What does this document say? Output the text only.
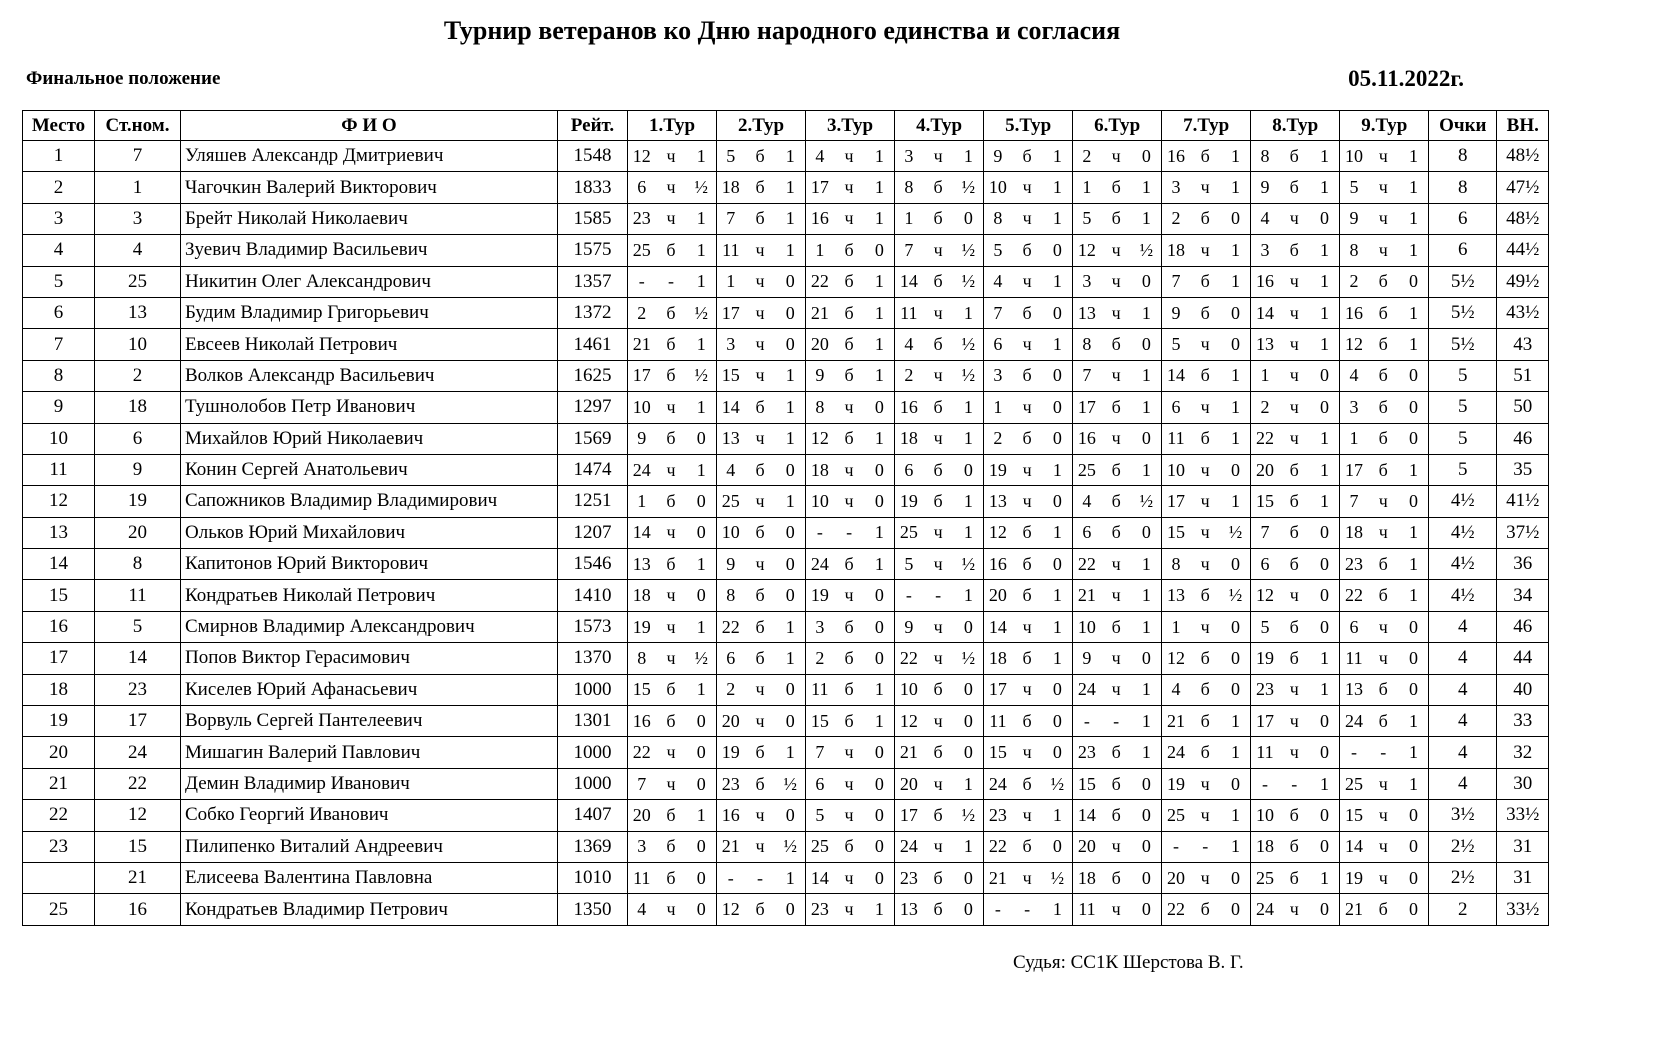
Турнир ветеранов ко Дню народного единства и согласия
Финальное положение	05.11.2022г.
Место	Ст.ном.	Ф И О	Рейт.	1.Тур			2.Тур			3.Тур			4.Тур			5.Тур			6.Тур			7.Тур			8.Тур			9.Тур			Очки	ВН.
1	7	Уляшев Александр Дмитриевич	1548	12	ч	1	5	б	1	4	ч	1	3	ч	1	9	б	1	2	ч	0	16	б	1	8	б	1	10	ч	1	8	48½
2	1	Чагочкин Валерий Викторович	1833	6	ч	½	18	б	1	17	ч	1	8	б	½	10	ч	1	1	б	1	3	ч	1	9	б	1	5	ч	1	8	47½
3	3	Брейт Николай Николаевич	1585	23	ч	1	7	б	1	16	ч	1	1	б	0	8	ч	1	5	б	1	2	б	0	4	ч	0	9	ч	1	6	48½
4	4	Зуевич Владимир Васильевич	1575	25	б	1	11	ч	1	1	б	0	7	ч	½	5	б	0	12	ч	½	18	ч	1	3	б	1	8	ч	1	6	44½
5	25	Никитин Олег Александрович	1357	-	-	1	1	ч	0	22	б	1	14	б	½	4	ч	1	3	ч	0	7	б	1	16	ч	1	2	б	0	5½	49½
6	13	Будим Владимир Григорьевич	1372	2	б	½	17	ч	0	21	б	1	11	ч	1	7	б	0	13	ч	1	9	б	0	14	ч	1	16	б	1	5½	43½
7	10	Евсеев Николай Петрович	1461	21	б	1	3	ч	0	20	б	1	4	б	½	6	ч	1	8	б	0	5	ч	0	13	ч	1	12	б	1	5½	43
8	2	Волков Александр Васильевич	1625	17	б	½	15	ч	1	9	б	1	2	ч	½	3	б	0	7	ч	1	14	б	1	1	ч	0	4	б	0	5	51
9	18	Тушнолобов Петр Иванович	1297	10	ч	1	14	б	1	8	ч	0	16	б	1	1	ч	0	17	б	1	6	ч	1	2	ч	0	3	б	0	5	50
10	6	Михайлов Юрий Николаевич	1569	9	б	0	13	ч	1	12	б	1	18	ч	1	2	б	0	16	ч	0	11	б	1	22	ч	1	1	б	0	5	46
11	9	Конин Сергей Анатольевич	1474	24	ч	1	4	б	0	18	ч	0	6	б	0	19	ч	1	25	б	1	10	ч	0	20	б	1	17	б	1	5	35
12	19	Сапожников Владимир Владимирович	1251	1	б	0	25	ч	1	10	ч	0	19	б	1	13	ч	0	4	б	½	17	ч	1	15	б	1	7	ч	0	4½	41½
13	20	Ольков Юрий Михайлович	1207	14	ч	0	10	б	0	-	-	1	25	ч	1	12	б	1	6	б	0	15	ч	½	7	б	0	18	ч	1	4½	37½
14	8	Капитонов Юрий Викторович	1546	13	б	1	9	ч	0	24	б	1	5	ч	½	16	б	0	22	ч	1	8	ч	0	6	б	0	23	б	1	4½	36
15	11	Кондратьев Николай Петрович	1410	18	ч	0	8	б	0	19	ч	0	-	-	1	20	б	1	21	ч	1	13	б	½	12	ч	0	22	б	1	4½	34
16	5	Смирнов Владимир Александрович	1573	19	ч	1	22	б	1	3	б	0	9	ч	0	14	ч	1	10	б	1	1	ч	0	5	б	0	6	ч	0	4	46
17	14	Попов Виктор Герасимович	1370	8	ч	½	6	б	1	2	б	0	22	ч	½	18	б	1	9	ч	0	12	б	0	19	б	1	11	ч	0	4	44
18	23	Киселев Юрий Афанасьевич	1000	15	б	1	2	ч	0	11	б	1	10	б	0	17	ч	0	24	ч	1	4	б	0	23	ч	1	13	б	0	4	40
19	17	Ворвуль Сергей Пантелеевич	1301	16	б	0	20	ч	0	15	б	1	12	ч	0	11	б	0	-	-	1	21	б	1	17	ч	0	24	б	1	4	33
20	24	Мишагин Валерий Павлович	1000	22	ч	0	19	б	1	7	ч	0	21	б	0	15	ч	0	23	б	1	24	б	1	11	ч	0	-	-	1	4	32
21	22	Демин Владимир Иванович	1000	7	ч	0	23	б	½	6	ч	0	20	ч	1	24	б	½	15	б	0	19	ч	0	-	-	1	25	ч	1	4	30
22	12	Собко Георгий Иванович	1407	20	б	1	16	ч	0	5	ч	0	17	б	½	23	ч	1	14	б	0	25	ч	1	10	б	0	15	ч	0	3½	33½
23	15	Пилипенко Виталий Андреевич	1369	3	б	0	21	ч	½	25	б	0	24	ч	1	22	б	0	20	ч	0	-	-	1	18	б	0	14	ч	0	2½	31
	21	Елисеева Валентина Павловна	1010	11	б	0	-	-	1	14	ч	0	23	б	0	21	ч	½	18	б	0	20	ч	0	25	б	1	19	ч	0	2½	31
25	16	Кондратьев Владимир Петрович	1350	4	ч	0	12	б	0	23	ч	1	13	б	0	-	-	1	11	ч	0	22	б	0	24	ч	0	21	б	0	2	33½
Судья: СС1К Шерстова В. Г.
